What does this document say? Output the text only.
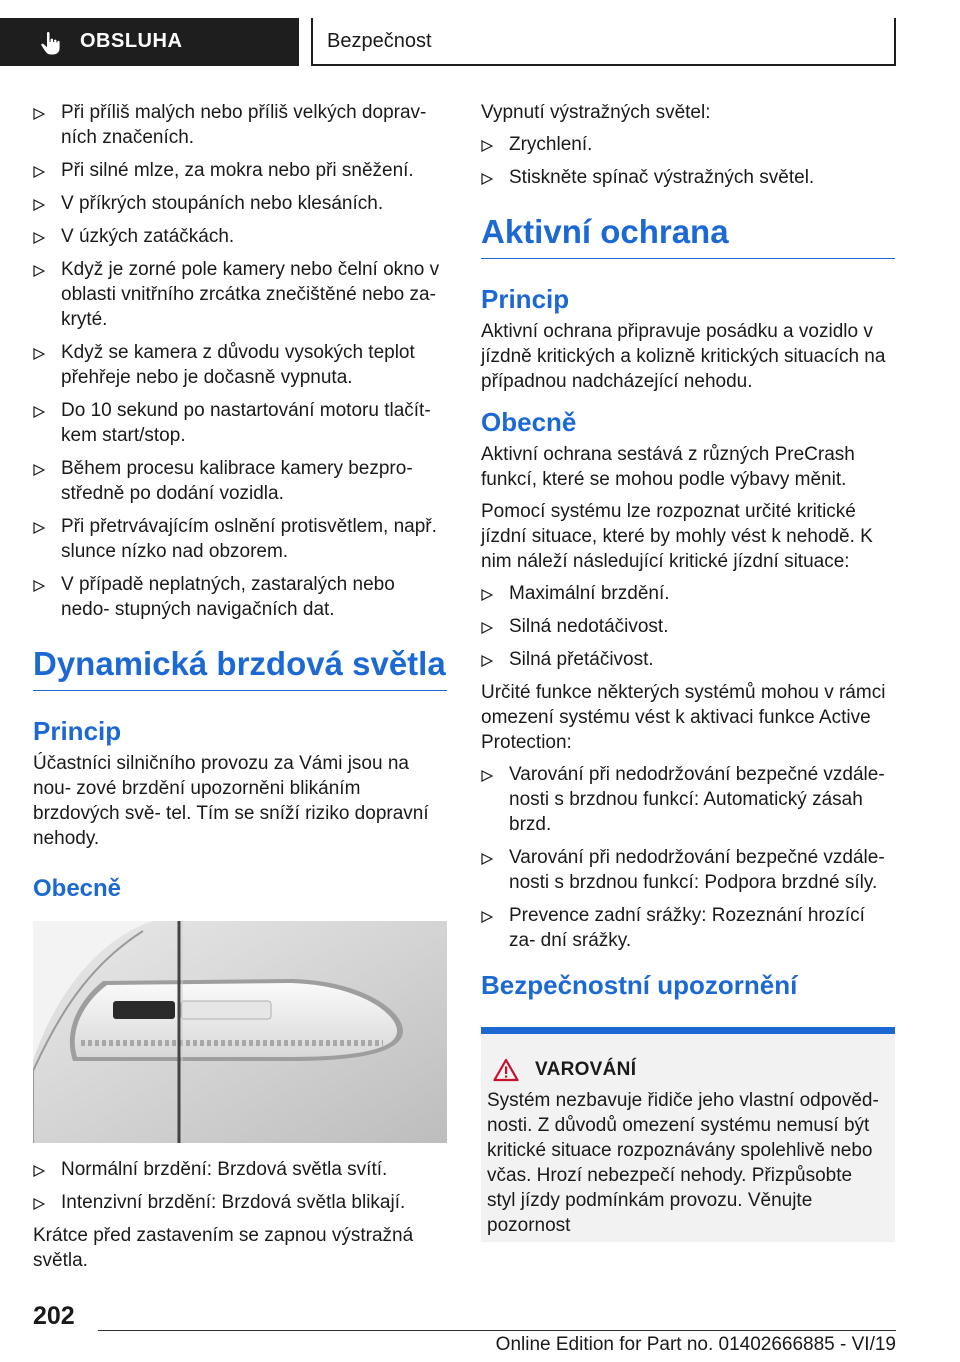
OBSLUHA	Bezpečnost
Při příliš malých nebo příliš velkých doprav‐ ních značeních.
Při silné mlze, za mokra nebo při sněžení.
V příkrých stoupáních nebo klesáních.
V úzkých zatáčkách.
Když je zorné pole kamery nebo čelní okno v oblasti vnitřního zrcátka znečištěné nebo za‐ kryté.
Když se kamera z důvodu vysokých teplot přehřeje nebo je dočasně vypnuta.
Do 10 sekund po nastartování motoru tlačít‐ kem start/stop.
Během procesu kalibrace kamery bezpro‐ středně po dodání vozidla.
Při přetrvávajícím oslnění protisvětlem, např. slunce nízko nad obzorem.
V případě neplatných, zastaralých nebo nedo‐ stupných navigačních dat.
Dynamická brzdová světla
Princip

Účastníci silničního provozu za Vámi jsou na nou‐ zové brzdění upozorněni blikáním brzdových svě‐ tel. Tím se sníží riziko dopravní nehody.

Obecně
Normální brzdění: Brzdová světla svítí.
Intenzivní brzdění: Brzdová světla blikají.

Krátce před zastavením se zapnou výstražná světla.

Vypnutí výstražných světel:

Zrychlení.
Stiskněte spínač výstražných světel.
Aktivní ochrana
Princip

Aktivní ochrana připravuje posádku a vozidlo v jízdně kritických a kolizně kritických situacích na případnou nadcházející nehodu.

Obecně

Aktivní ochrana sestává z různých PreCrash funkcí, které se mohou podle výbavy měnit.

Pomocí systému lze rozpoznat určité kritické jízdní situace, které by mohly vést k nehodě. K nim náleží následující kritické jízdní situace:

Maximální brzdění.
Silná nedotáčivost.
Silná přetáčivost.

Určité funkce některých systémů mohou v rámci omezení systému vést k aktivaci funkce Active Protection:

Varování při nedodržování bezpečné vzdále‐ nosti s brzdnou funkcí: Automatický zásah brzd.
Varování při nedodržování bezpečné vzdále‐ nosti s brzdnou funkcí: Podpora brzdné síly.
Prevence zadní srážky: Rozeznání hrozící za‐ dní srážky.
Bezpečnostní upozornění
VAROVÁNÍ

Systém nezbavuje řidiče jeho vlastní odpověd‐ nosti. Z důvodů omezení systému nemusí být kritické situace rozpoznávány spolehlivě nebo včas. Hrozí nebezpečí nehody. Přizpůsobte styl jízdy podmínkám provozu. Věnujte pozornost

202
Online Edition for Part no. 01402666885 - VI/19
